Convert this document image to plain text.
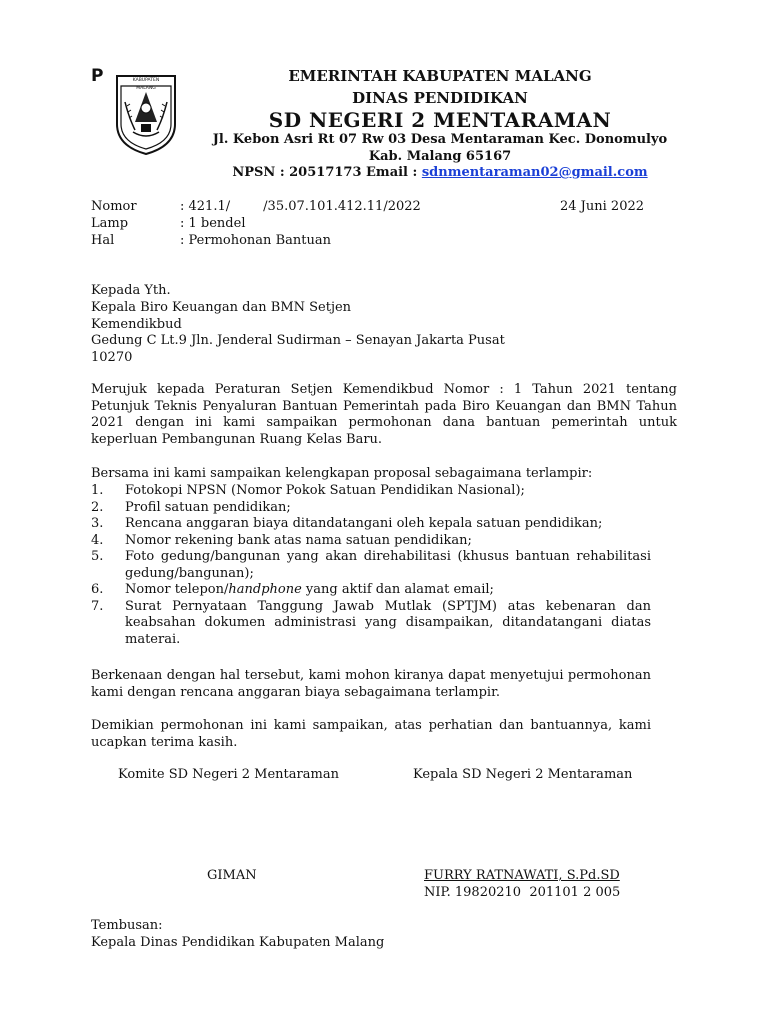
P	KABUPATEN MALANG
EMERINTAH KABUPATEN MALANG
DINAS PENDIDIKAN
SD NEGERI 2 MENTARAMAN
Jl. Kebon Asri Rt 07 Rw 03 Desa Mentaraman Kec. Donomulyo
Kab. Malang 65167
NPSN : 20517173 Email : sdnmentaraman02@gmail.com
Nomor	: 421.1/        /35.07.101.412.11/2022	24 Juni 2022
Lamp	: 1 bendel
Hal	: Permohonan Bantuan
Kepada Yth.
Kepala Biro Keuangan dan BMN Setjen
Kemendikbud
Gedung C Lt.9 Jln. Jenderal Sudirman – Senayan Jakarta Pusat
10270
Merujuk kepada Peraturan Setjen Kemendikbud Nomor : 1 Tahun 2021 tentang Petunjuk Teknis Penyaluran Bantuan Pemerintah pada Biro Keuangan dan BMN Tahun 2021 dengan ini kami sampaikan permohonan dana bantuan pemerintah untuk keperluan Pembangunan Ruang Kelas Baru.
Bersama ini kami sampaikan kelengkapan proposal sebagaimana terlampir:
1. Fotokopi NPSN (Nomor Pokok Satuan Pendidikan Nasional);
2. Profil satuan pendidikan;
3. Rencana anggaran biaya ditandatangani oleh kepala satuan pendidikan;
4. Nomor rekening bank atas nama satuan pendidikan;
5. Foto gedung/bangunan yang akan direhabilitasi (khusus bantuan rehabilitasi gedung/bangunan);
6. Nomor telepon/handphone yang aktif dan alamat email;
7. Surat Pernyataan Tanggung Jawab Mutlak (SPTJM) atas kebenaran dan keabsahan dokumen administrasi yang disampaikan, ditandatangani diatas materai.
Berkenaan dengan hal tersebut, kami mohon kiranya dapat menyetujui permohonan kami dengan rencana anggaran biaya sebagaimana terlampir.
Demikian permohonan ini kami sampaikan, atas perhatian dan bantuannya, kami ucapkan terima kasih.
Komite SD Negeri 2 Mentaraman	Kepala SD Negeri 2 Mentaraman
GIMAN	FURRY RATNAWATI, S.Pd.SD
NIP. 19820210  201101 2 005
Tembusan:
Kepala Dinas Pendidikan Kabupaten Malang
